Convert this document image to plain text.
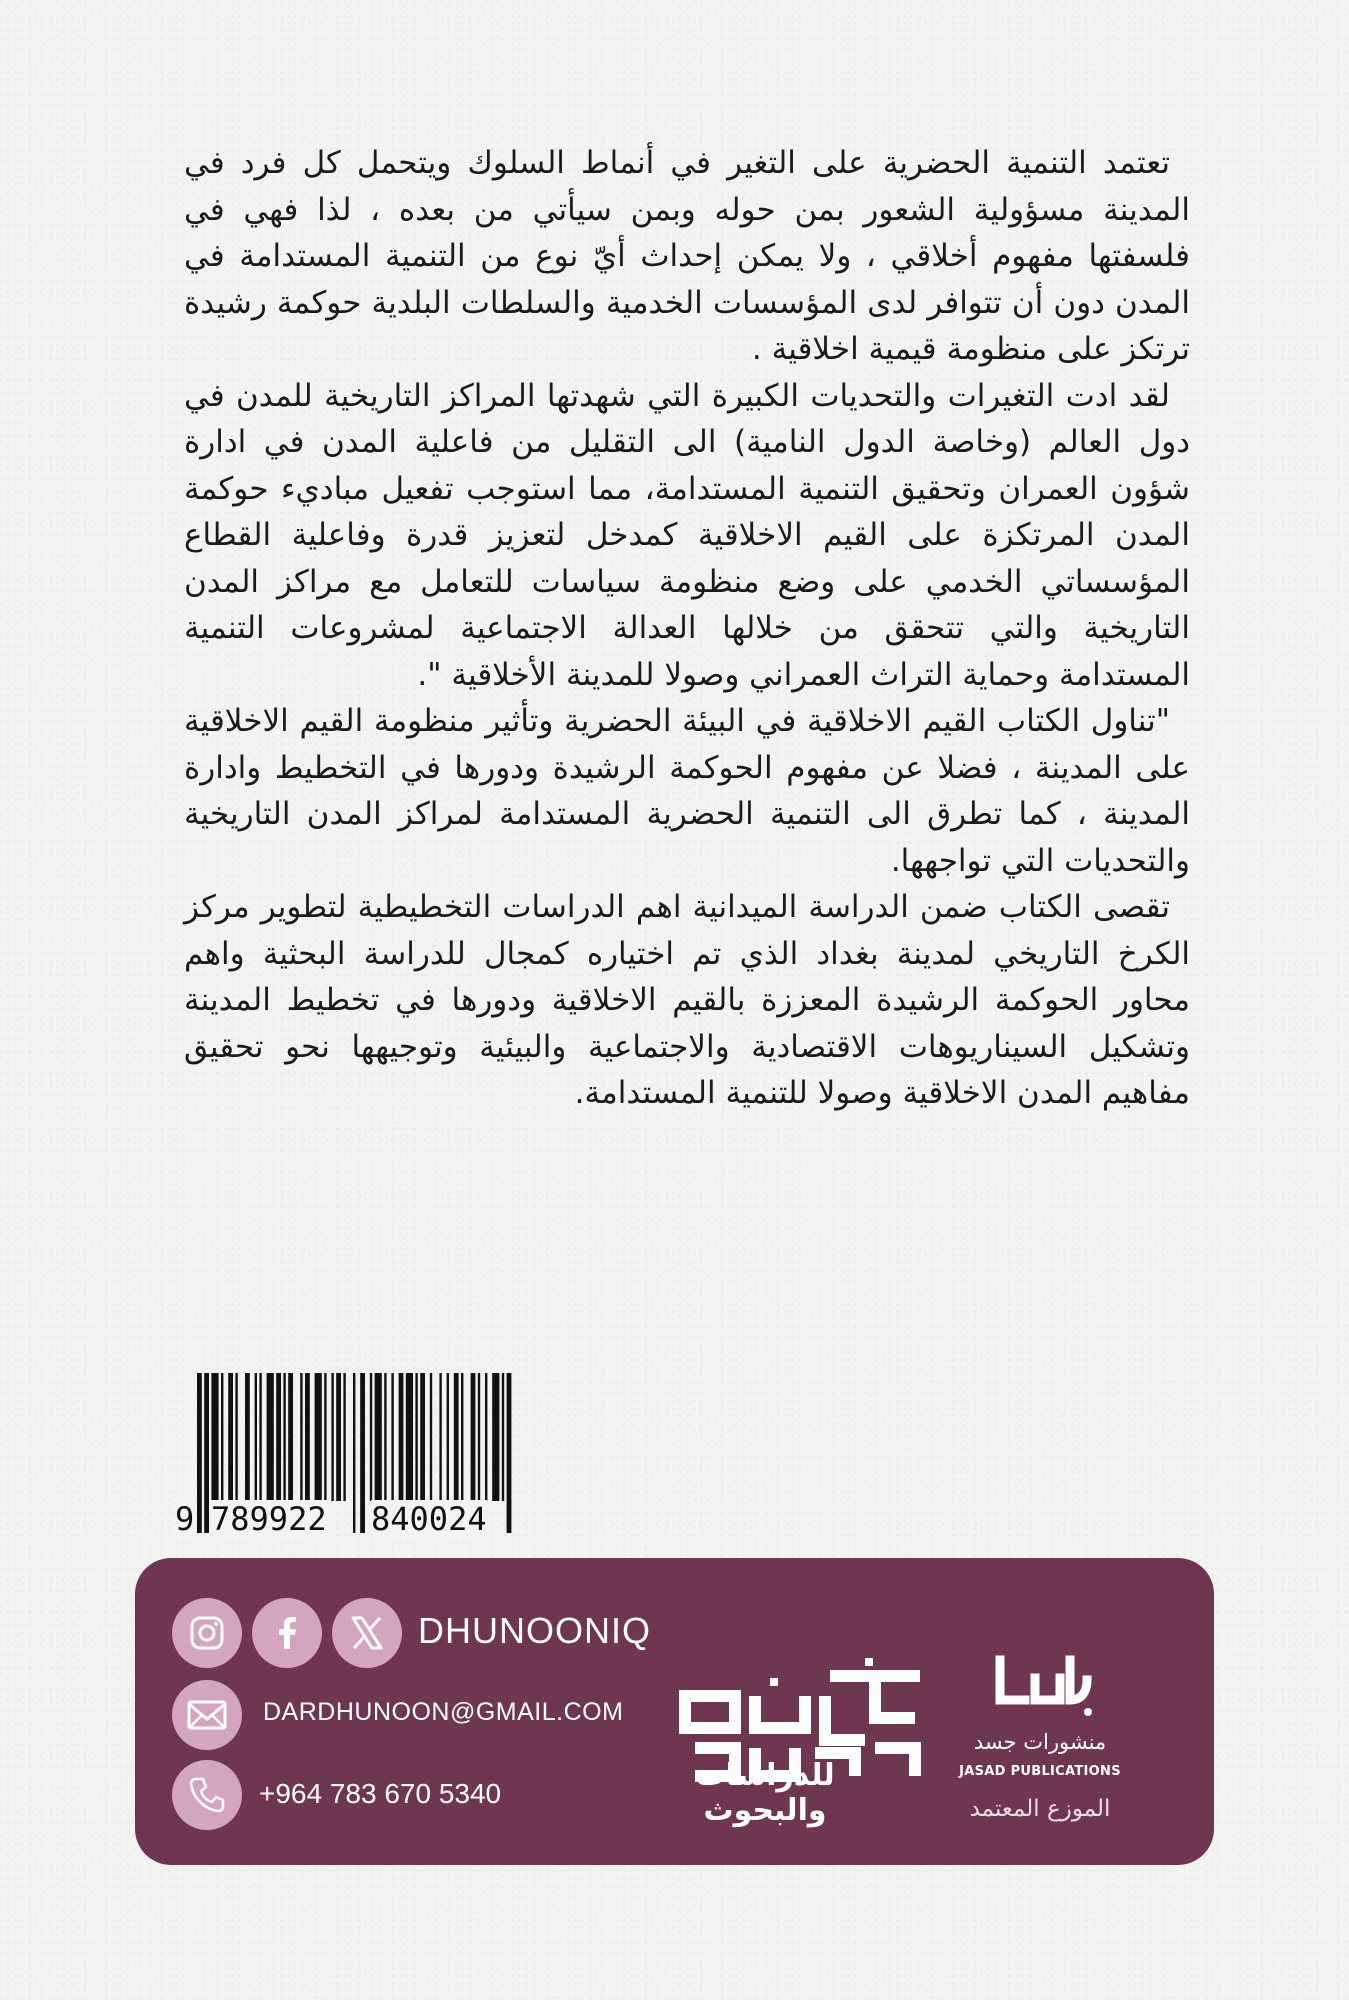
تعتمد التنمية الحضرية على التغير في أنماط السلوك ويتحمل كل فرد في المدينة مسؤولية الشعور بمن حوله وبمن سيأتي من بعده ، لذا فهي في فلسفتها مفهوم أخلاقي ، ولا يمكن إحداث أيّ نوع من التنمية المستدامة في المدن دون أن تتوافر لدى المؤسسات الخدمية والسلطات البلدية حوكمة رشيدة ترتكز على منظومة قيمية اخلاقية .

لقد ادت التغيرات والتحديات الكبيرة التي شهدتها المراكز التاريخية للمدن في دول العالم (وخاصة الدول النامية) الى التقليل من فاعلية المدن في ادارة شؤون العمران وتحقيق التنمية المستدامة، مما استوجب تفعيل مباديء حوكمة المدن المرتكزة على القيم الاخلاقية كمدخل لتعزيز قدرة وفاعلية القطاع المؤسساتي الخدمي على وضع منظومة سياسات للتعامل مع مراكز المدن التاريخية والتي تتحقق من خلالها العدالة الاجتماعية لمشروعات التنمية المستدامة وحماية التراث العمراني وصولا للمدينة الأخلاقية ".

"تناول الكتاب القيم الاخلاقية في البيئة الحضرية وتأثير منظومة القيم الاخلاقية على المدينة ، فضلا عن مفهوم الحوكمة الرشيدة ودورها في التخطيط وادارة المدينة ، كما تطرق الى التنمية الحضرية المستدامة لمراكز المدن التاريخية والتحديات التي تواجهها.

تقصى الكتاب ضمن الدراسة الميدانية اهم الدراسات التخطيطية لتطوير مركز الكرخ التاريخي لمدينة بغداد الذي تم اختياره كمجال للدراسة البحثية واهم محاور الحوكمة الرشيدة المعززة بالقيم الاخلاقية ودورها في تخطيط المدينة وتشكيل السيناريوهات الاقتصادية والاجتماعية والبيئية وتوجيهها نحو تحقيق مفاهيم المدن الاخلاقية وصولا للتنمية المستدامة.

9 789922 840024
DHUNOONIQ
DARDHUNOON@GMAIL.COM
+964 783 670 5340
للدراسات والبحوث
منشورات جسد
JASAD PUBLICATIONS
الموزع المعتمد
